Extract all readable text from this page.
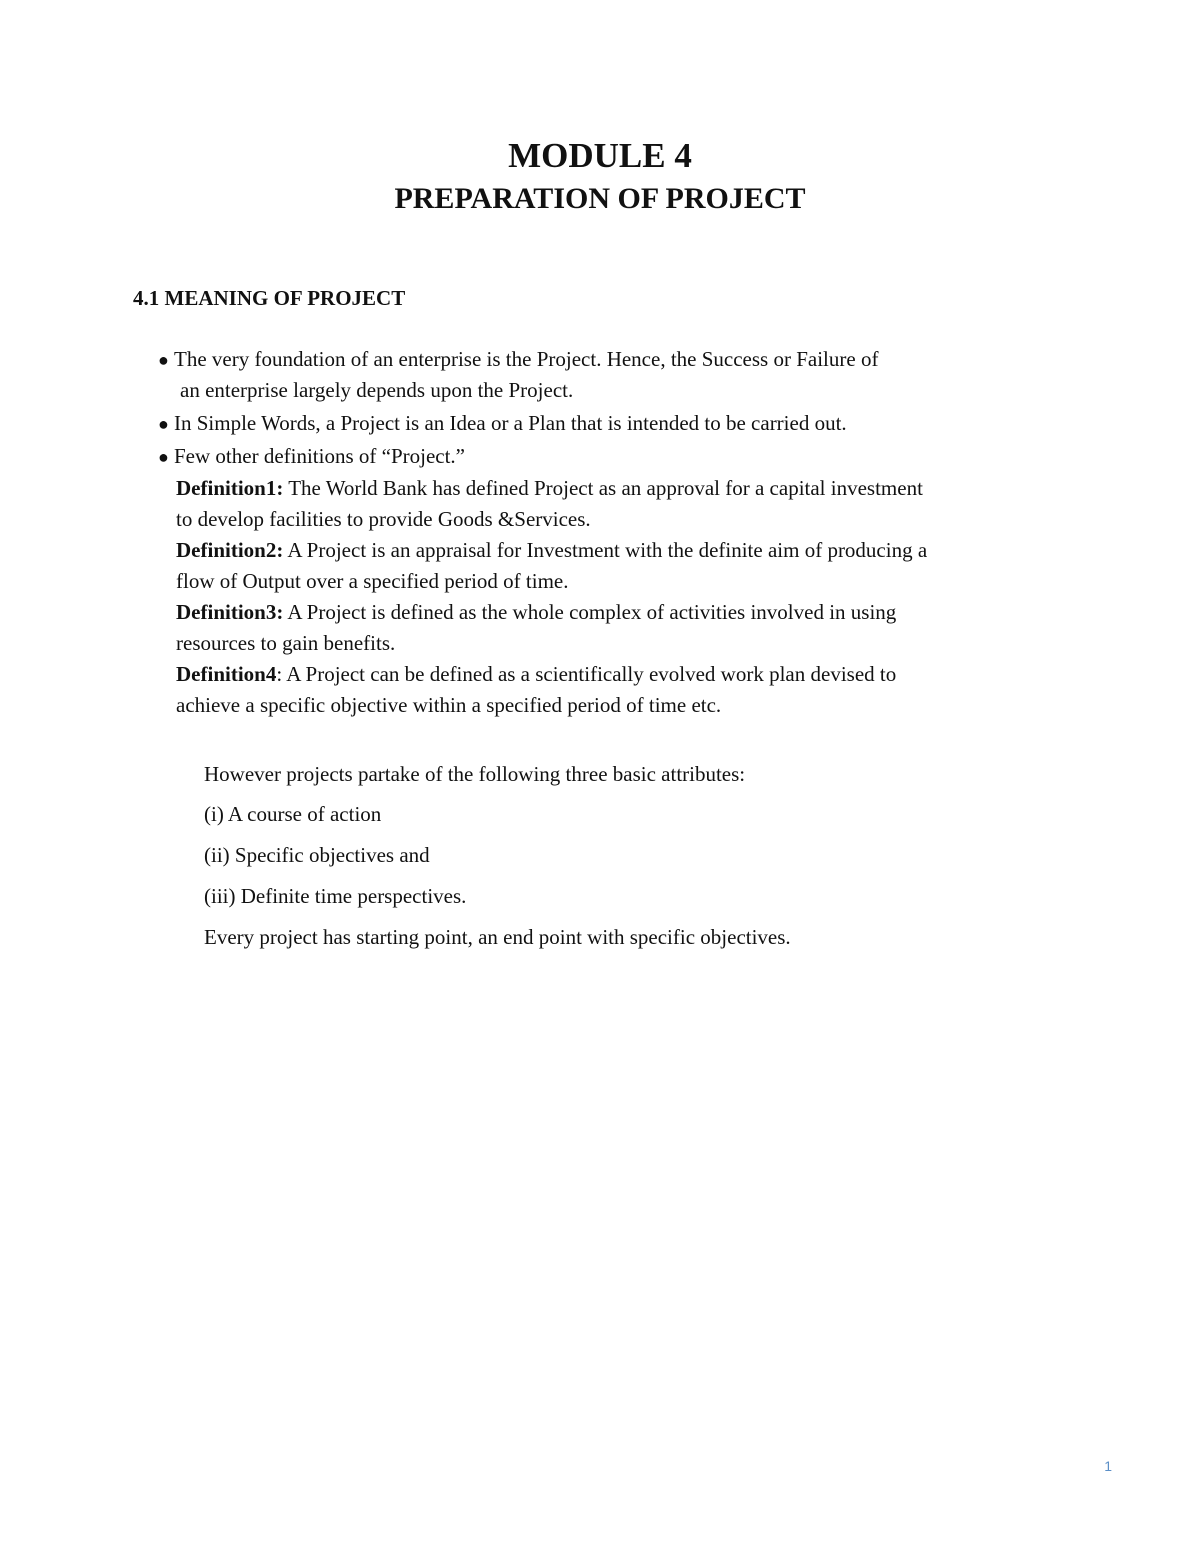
MODULE 4
PREPARATION OF PROJECT
4.1 MEANING OF PROJECT

● The very foundation of an enterprise is the Project. Hence, the Success or Failure of

an enterprise largely depends upon the Project.

● In Simple Words, a Project is an Idea or a Plan that is intended to be carried out.

● Few other definitions of “Project.”

Definition1: The World Bank has defined Project as an approval for a capital investment

to develop facilities to provide Goods &Services.

Definition2: A Project is an appraisal for Investment with the definite aim of producing a

flow of Output over a specified period of time.

Definition3: A Project is defined as the whole complex of activities involved in using

resources to gain benefits.

Definition4: A Project can be defined as a scientifically evolved work plan devised to

achieve a specific objective within a specified period of time etc.

However projects partake of the following three basic attributes:

(i) A course of action

(ii) Specific objectives and

(iii) Definite time perspectives.

Every project has starting point, an end point with specific objectives.

1
